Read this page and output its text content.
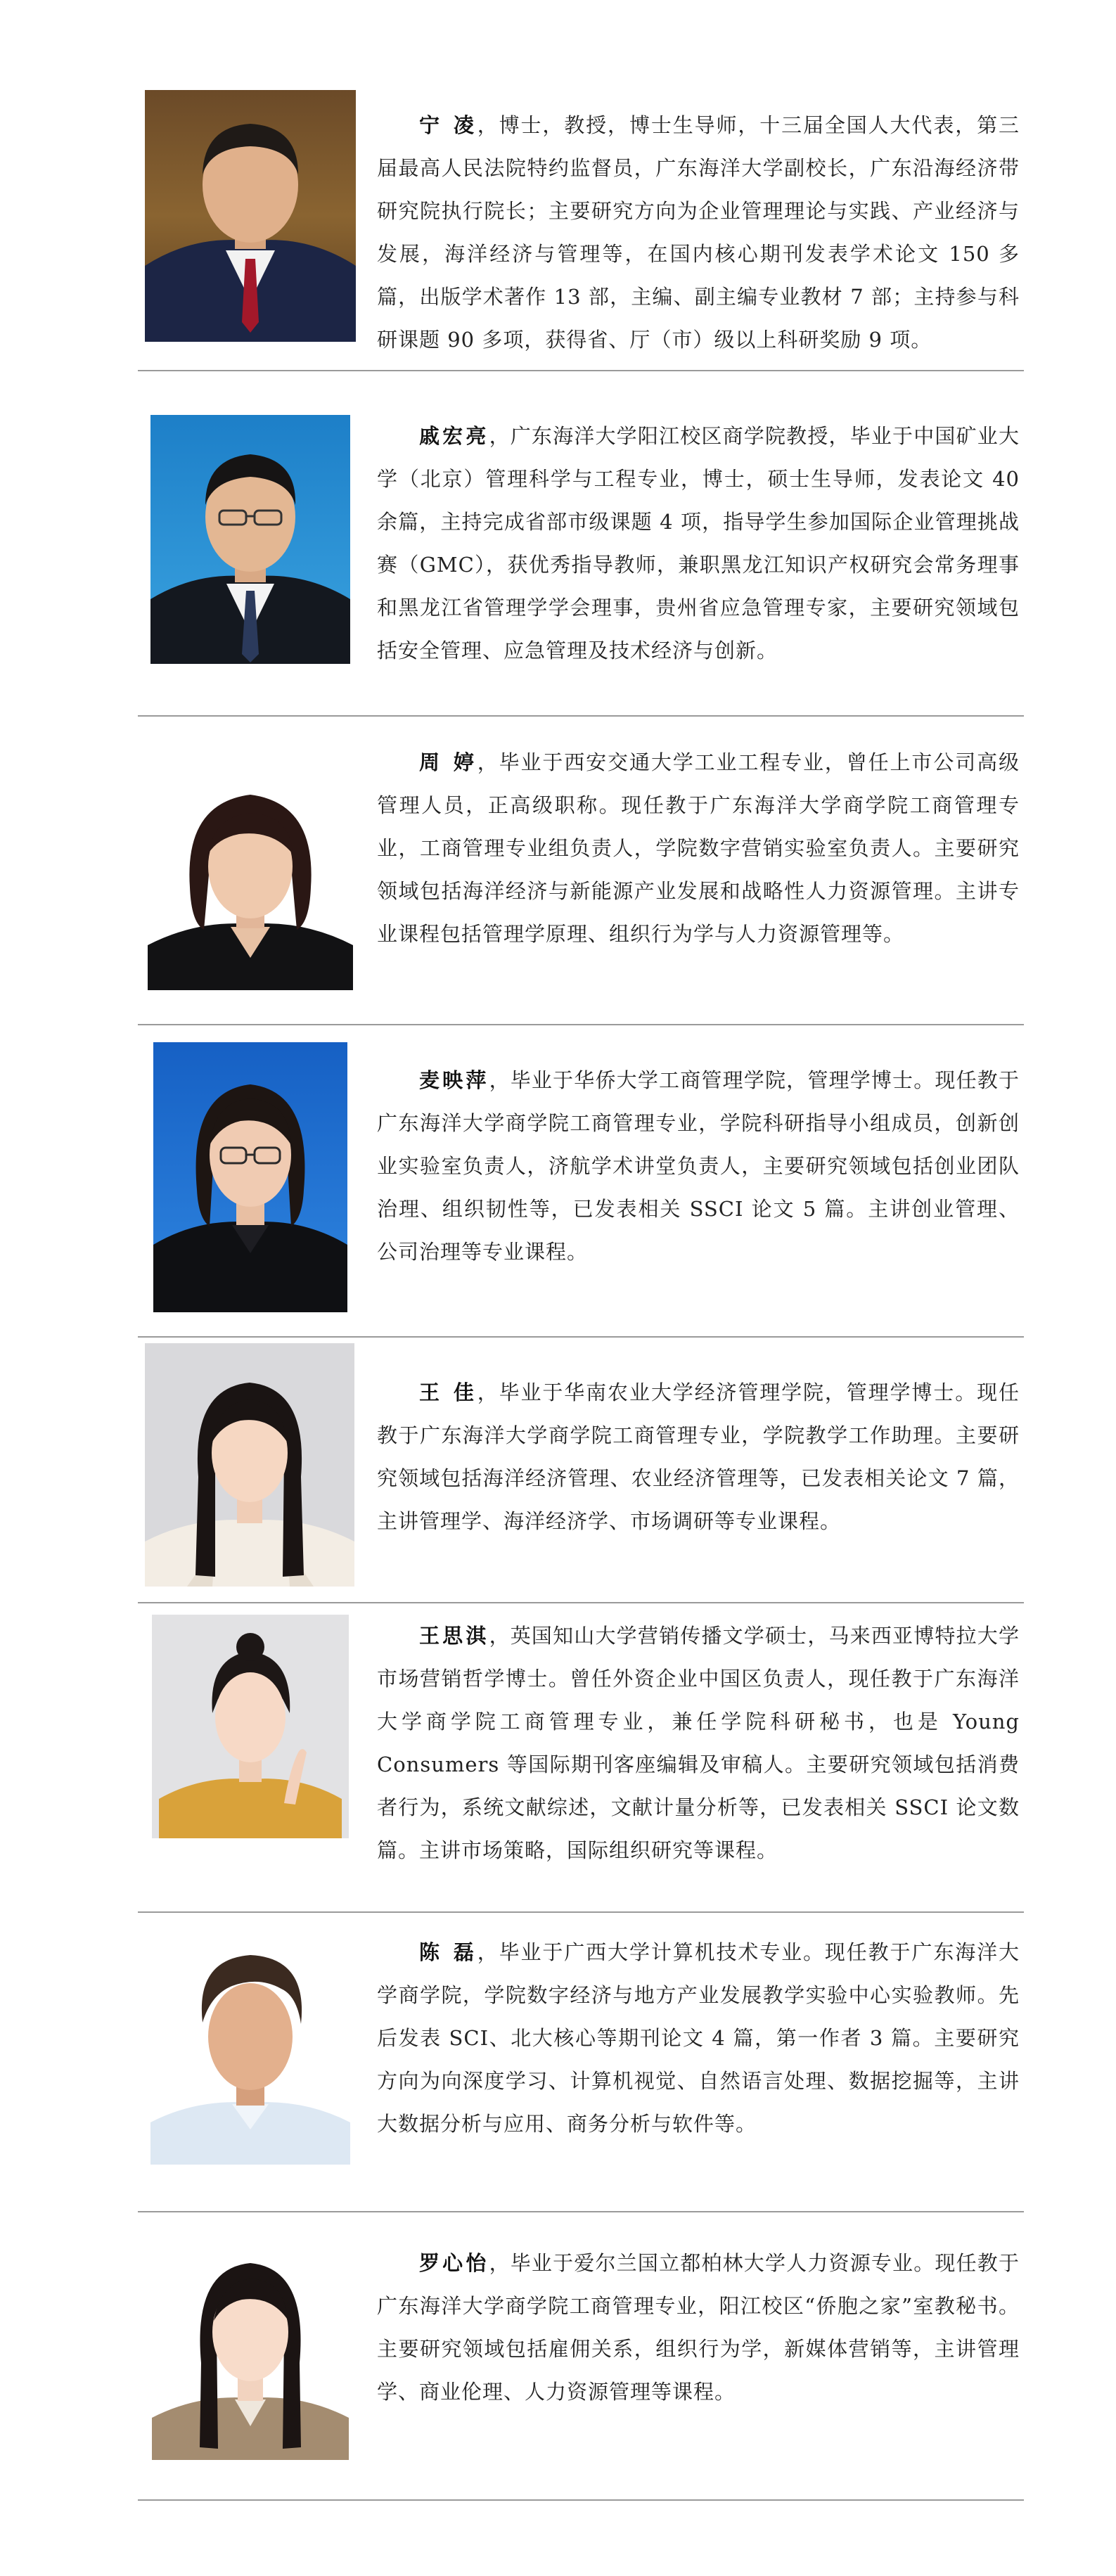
宁 凌，博士，教授，博士生导师，十三届全国人大代表，第三届最高人民法院特约监督员，广东海洋大学副校长，广东沿海经济带研究院执行院长；主要研究方向为企业管理理论与实践、产业经济与发展，海洋经济与管理等，在国内核心期刊发表学术论文 150 多篇，出版学术著作 13 部，主编、副主编专业教材 7 部；主持参与科研课题 90 多项，获得省、厅（市）级以上科研奖励 9 项。

戚宏亮，广东海洋大学阳江校区商学院教授，毕业于中国矿业大学（北京）管理科学与工程专业，博士，硕士生导师，发表论文 40 余篇，主持完成省部市级课题 4 项，指导学生参加国际企业管理挑战赛（GMC），获优秀指导教师，兼职黑龙江知识产权研究会常务理事和黑龙江省管理学学会理事，贵州省应急管理专家，主要研究领域包括安全管理、应急管理及技术经济与创新。

周 婷，毕业于西安交通大学工业工程专业，曾任上市公司高级管理人员，正高级职称。现任教于广东海洋大学商学院工商管理专业，工商管理专业组负责人，学院数字营销实验室负责人。主要研究领域包括海洋经济与新能源产业发展和战略性人力资源管理。主讲专业课程包括管理学原理、组织行为学与人力资源管理等。

麦映萍，毕业于华侨大学工商管理学院，管理学博士。现任教于广东海洋大学商学院工商管理专业，学院科研指导小组成员，创新创业实验室负责人，济航学术讲堂负责人，主要研究领域包括创业团队治理、组织韧性等，已发表相关 SSCI 论文 5 篇。主讲创业管理、公司治理等专业课程。

王 佳，毕业于华南农业大学经济管理学院，管理学博士。现任教于广东海洋大学商学院工商管理专业，学院教学工作助理。主要研究领域包括海洋经济管理、农业经济管理等，已发表相关论文 7 篇，主讲管理学、海洋经济学、市场调研等专业课程。

王思淇，英国知山大学营销传播文学硕士，马来西亚博特拉大学市场营销哲学博士。曾任外资企业中国区负责人，现任教于广东海洋大学商学院工商管理专业，兼任学院科研秘书，也是 Young Consumers 等国际期刊客座编辑及审稿人。主要研究领域包括消费者行为，系统文献综述，文献计量分析等，已发表相关 SSCI 论文数篇。主讲市场策略，国际组织研究等课程。

陈 磊，毕业于广西大学计算机技术专业。现任教于广东海洋大学商学院，学院数字经济与地方产业发展教学实验中心实验教师。先后发表 SCI、北大核心等期刊论文 4 篇，第一作者 3 篇。主要研究方向为向深度学习、计算机视觉、自然语言处理、数据挖掘等，主讲大数据分析与应用、商务分析与软件等。

罗心怡，毕业于爱尔兰国立都柏林大学人力资源专业。现任教于广东海洋大学商学院工商管理专业，阳江校区“侨胞之家”室教秘书。主要研究领域包括雇佣关系，组织行为学，新媒体营销等，主讲管理学、商业伦理、人力资源管理等课程。
